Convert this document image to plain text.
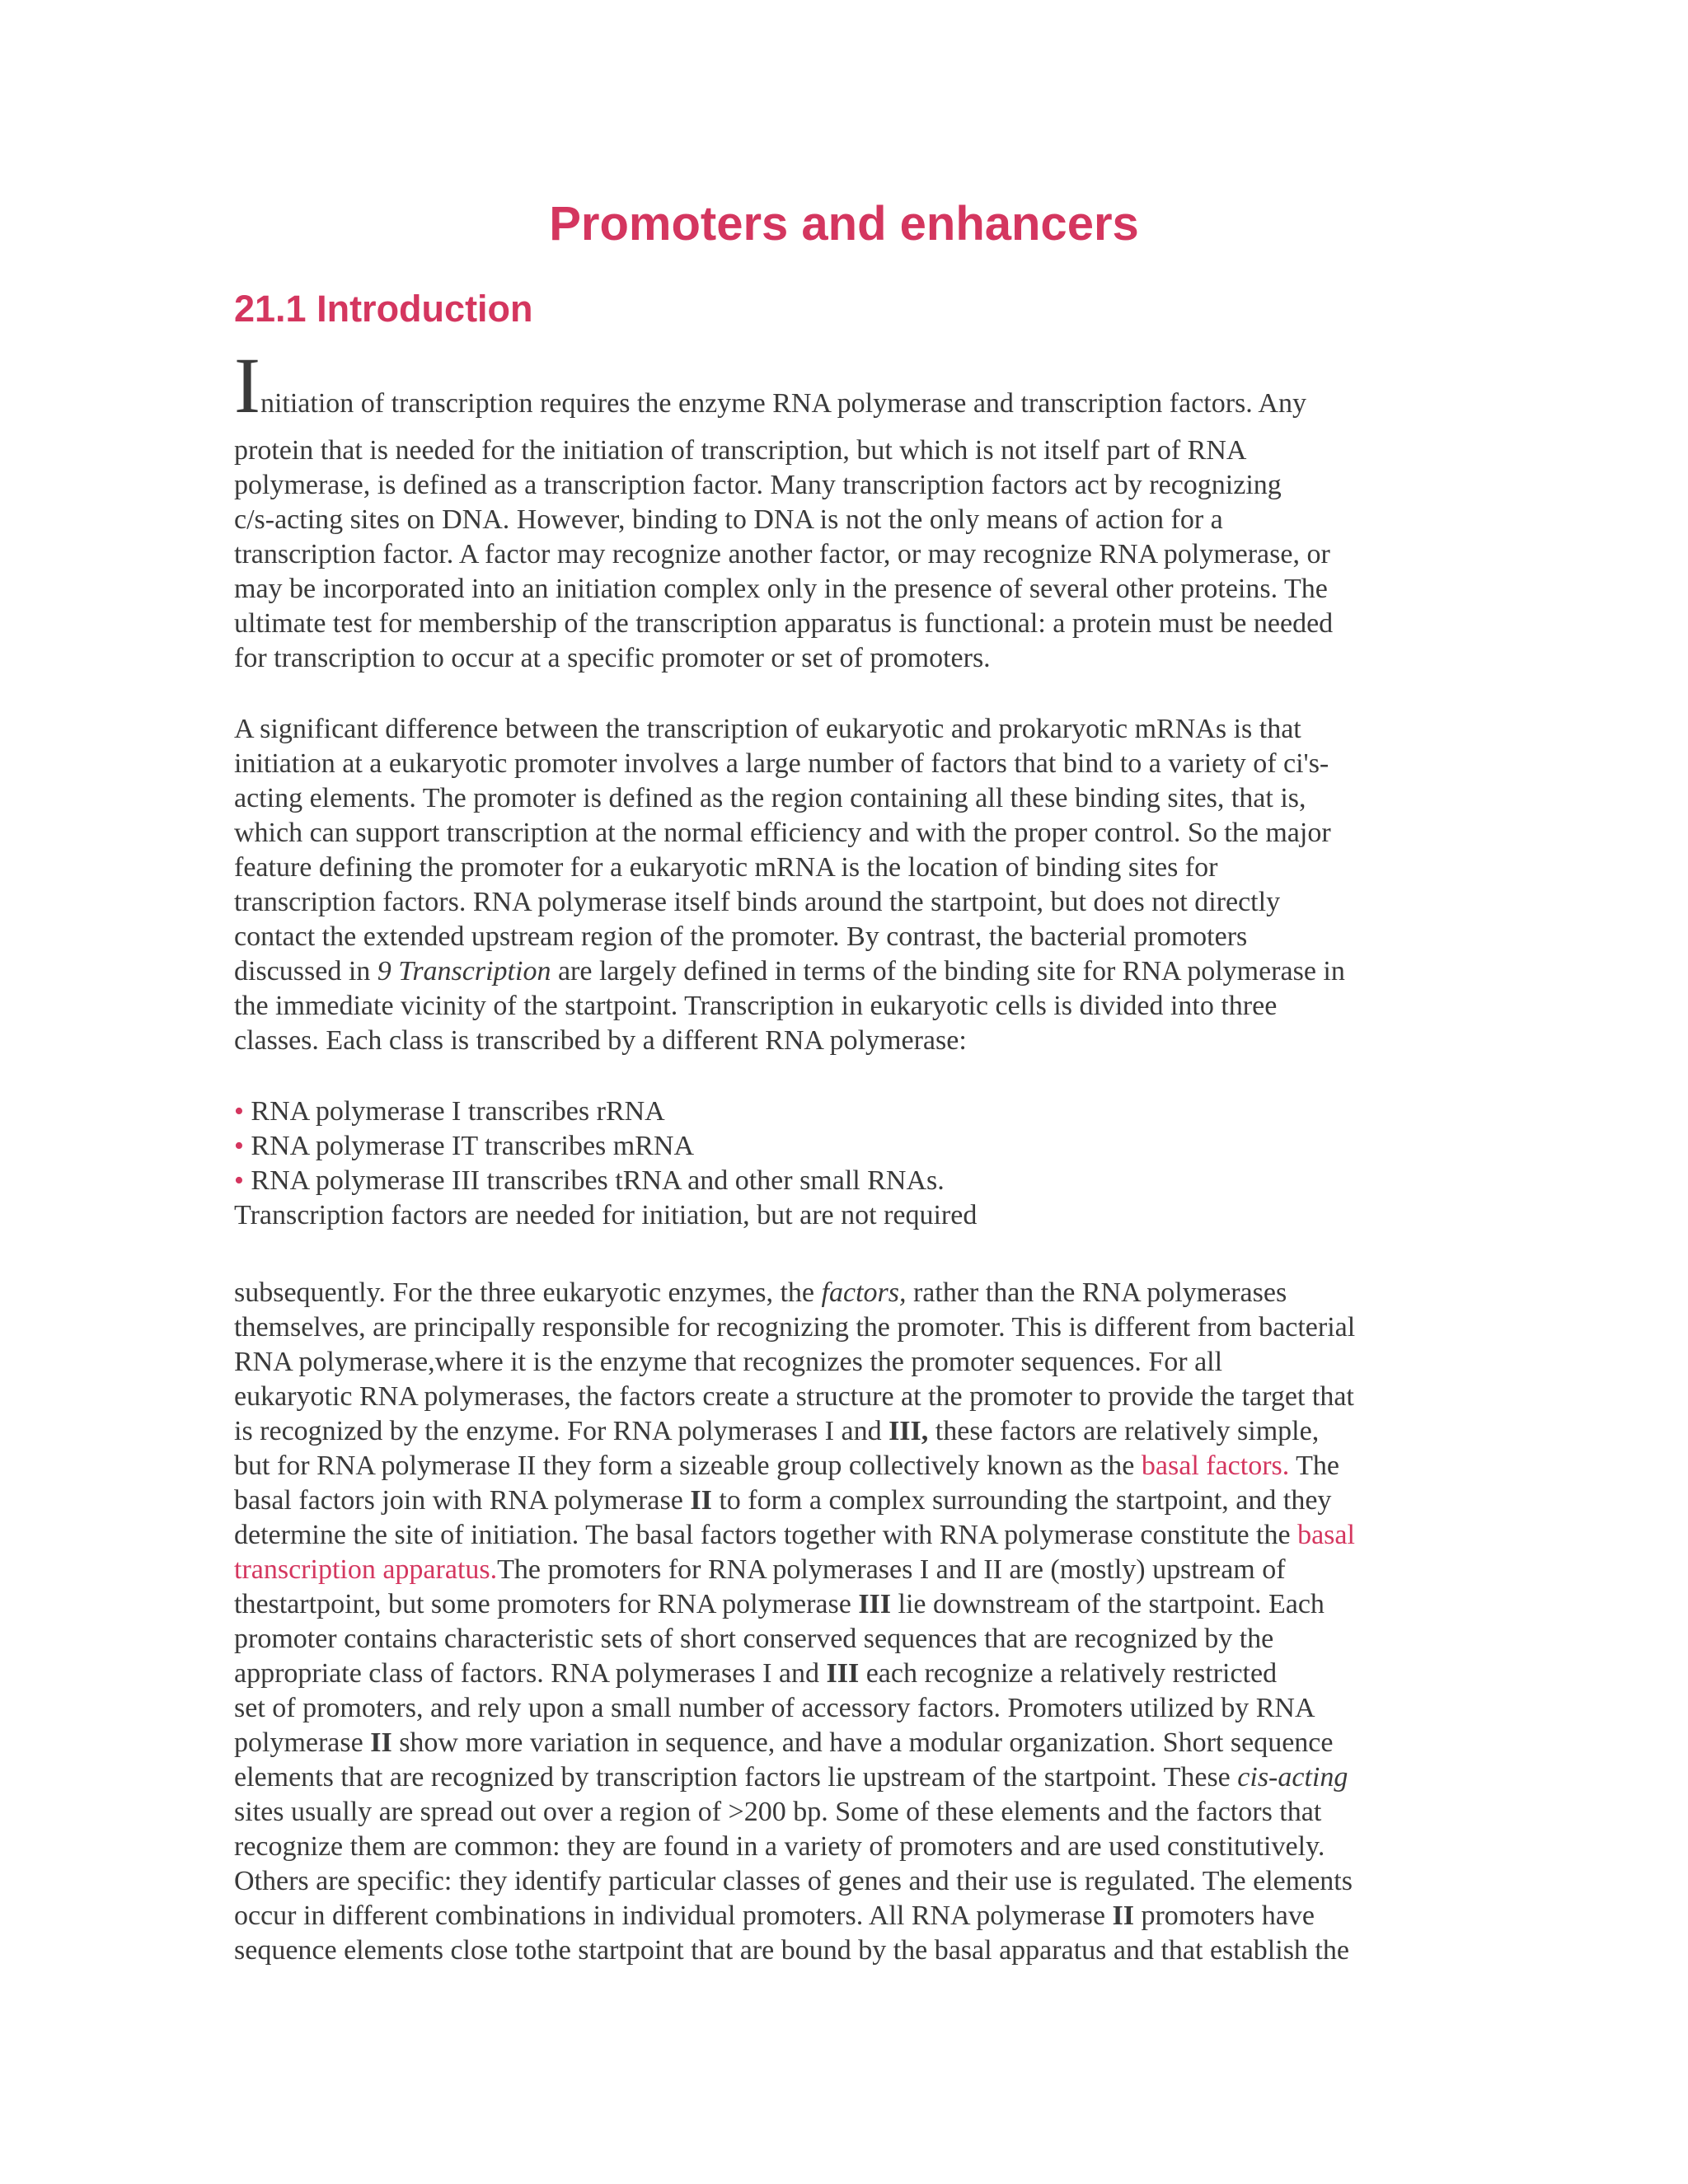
Promoters and enhancers
21.1 Introduction
Initiation of transcription requires the enzyme RNA polymerase and transcription factors. Any
protein that is needed for the initiation of transcription, but which is not itself part of RNA
polymerase, is defined as a transcription factor. Many transcription factors act by recognizing
c/s-acting sites on DNA. However, binding to DNA is not the only means of action for a
transcription factor. A factor may recognize another factor, or may recognize RNA polymerase, or
may be incorporated into an initiation complex only in the presence of several other proteins. The
ultimate test for membership of the transcription apparatus is functional: a protein must be needed
for transcription to occur at a specific promoter or set of promoters.
A significant difference between the transcription of eukaryotic and prokaryotic mRNAs is that
initiation at a eukaryotic promoter involves a large number of factors that bind to a variety of ci's-
acting elements. The promoter is defined as the region containing all these binding sites, that is,
which can support transcription at the normal efficiency and with the proper control. So the major
feature defining the promoter for a eukaryotic mRNA is the location of binding sites for
transcription factors. RNA polymerase itself binds around the startpoint, but does not directly
contact the extended upstream region of the promoter. By contrast, the bacterial promoters
discussed in 9 Transcription are largely defined in terms of the binding site for RNA polymerase in
the immediate vicinity of the startpoint. Transcription in eukaryotic cells is divided into three
classes. Each class is transcribed by a different RNA polymerase:
• RNA polymerase I transcribes rRNA
• RNA polymerase IT transcribes mRNA
• RNA polymerase III transcribes tRNA and other small RNAs.
Transcription factors are needed for initiation, but are not required
subsequently. For the three eukaryotic enzymes, the factors, rather than the RNA polymerases
themselves, are principally responsible for recognizing the promoter. This is different from bacterial
RNA polymerase,where it is the enzyme that recognizes the promoter sequences. For all
eukaryotic RNA polymerases, the factors create a structure at the promoter to provide the target that
is recognized by the enzyme. For RNA polymerases I and III, these factors are relatively simple,
but for RNA polymerase II they form a sizeable group collectively known as the basal factors. The
basal factors join with RNA polymerase II to form a complex surrounding the startpoint, and they
determine the site of initiation. The basal factors together with RNA polymerase constitute the basal
transcription apparatus.The promoters for RNA polymerases I and II are (mostly) upstream of
thestartpoint, but some promoters for RNA polymerase III lie downstream of the startpoint. Each
promoter contains characteristic sets of short conserved sequences that are recognized by the
appropriate class of factors. RNA polymerases I and III each recognize a relatively restricted
set of promoters, and rely upon a small number of accessory factors. Promoters utilized by RNA
polymerase II show more variation in sequence, and have a modular organization. Short sequence
elements that are recognized by transcription factors lie upstream of the startpoint. These cis-acting
sites usually are spread out over a region of >200 bp. Some of these elements and the factors that
recognize them are common: they are found in a variety of promoters and are used constitutively.
Others are specific: they identify particular classes of genes and their use is regulated. The elements
occur in different combinations in individual promoters. All RNA polymerase II promoters have
sequence elements close tothe startpoint that are bound by the basal apparatus and that establish the
